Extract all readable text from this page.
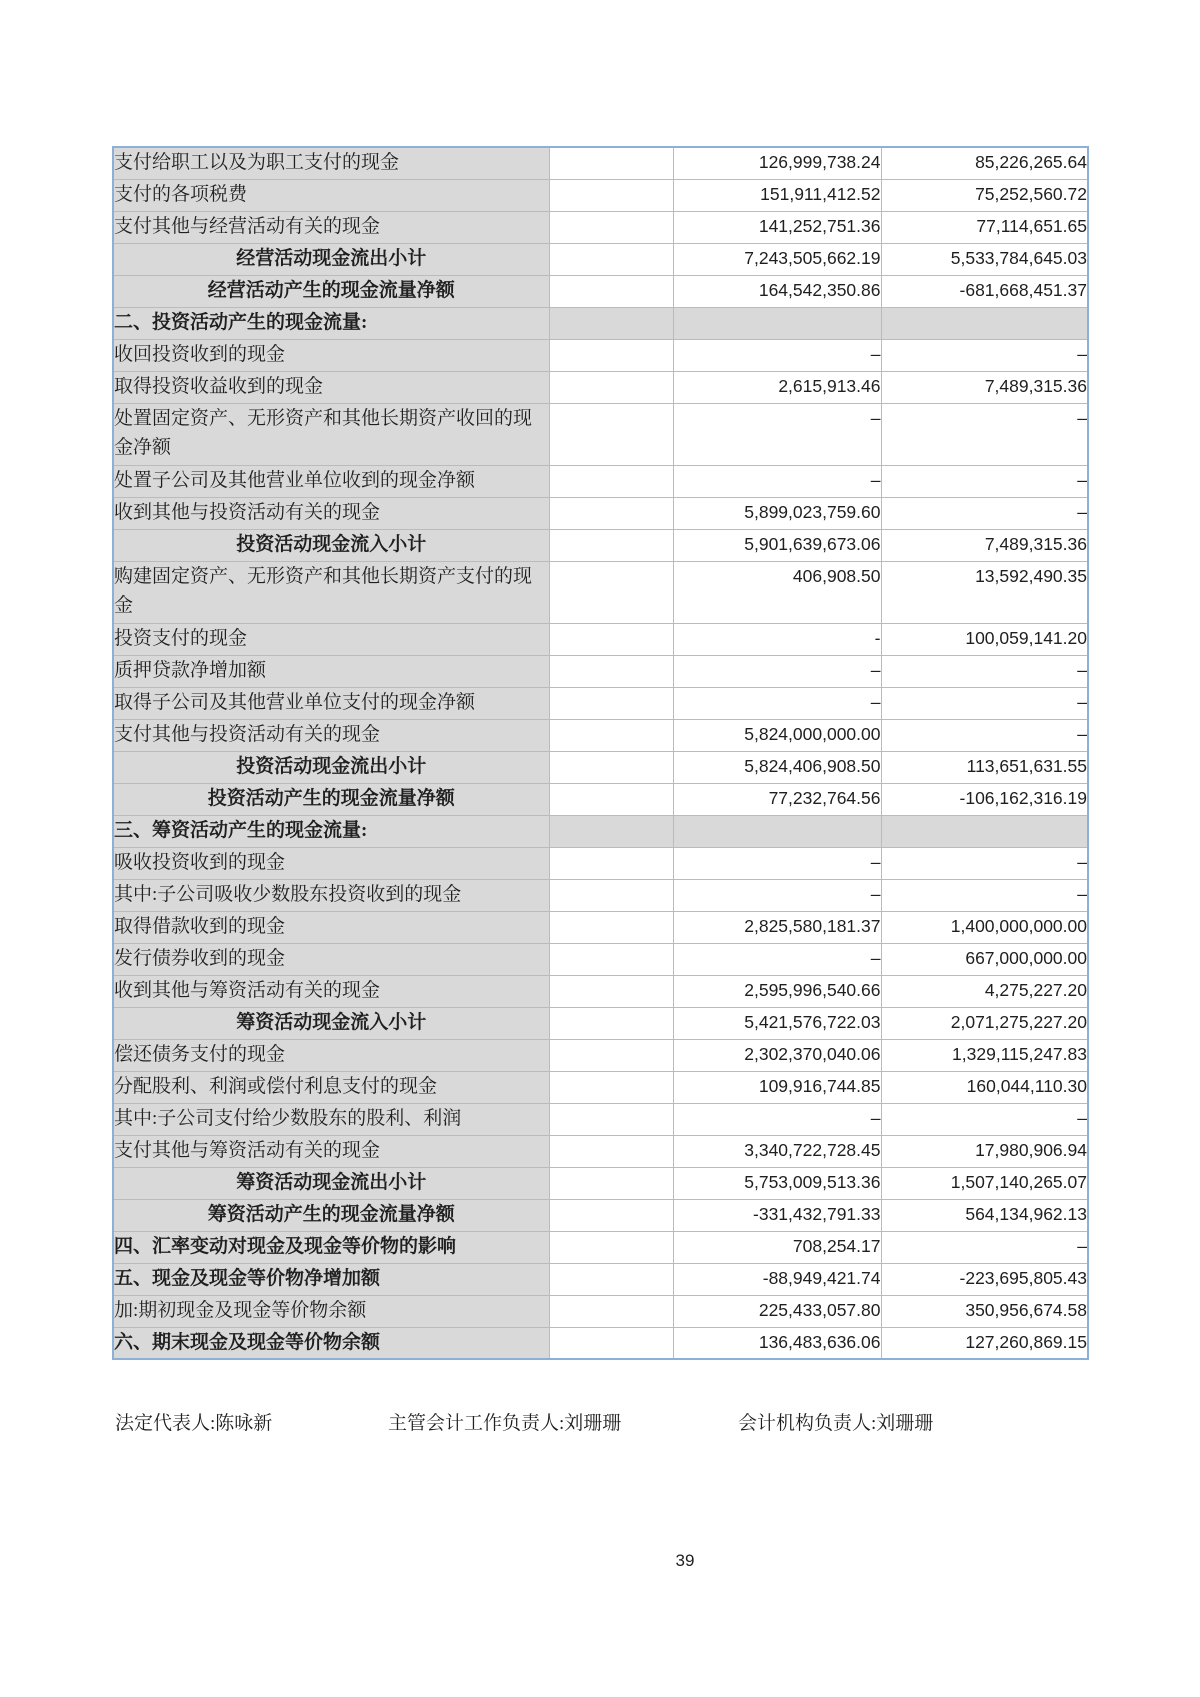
支付给职工以及为职工支付的现金		126,999,738.24	85,226,265.64
支付的各项税费		151,911,412.52	75,252,560.72
支付其他与经营活动有关的现金		141,252,751.36	77,114,651.65
经营活动现金流出小计		7,243,505,662.19	5,533,784,645.03
经营活动产生的现金流量净额		164,542,350.86	-681,668,451.37
二、投资活动产生的现金流量:			
收回投资收到的现金		–	–
取得投资收益收到的现金		2,615,913.46	7,489,315.36
处置固定资产、无形资产和其他长期资产收回的现金净额		–	–
处置子公司及其他营业单位收到的现金净额		–	–
收到其他与投资活动有关的现金		5,899,023,759.60	–
投资活动现金流入小计		5,901,639,673.06	7,489,315.36
购建固定资产、无形资产和其他长期资产支付的现金		406,908.50	13,592,490.35
投资支付的现金		-	100,059,141.20
质押贷款净增加额		–	–
取得子公司及其他营业单位支付的现金净额		–	–
支付其他与投资活动有关的现金		5,824,000,000.00	–
投资活动现金流出小计		5,824,406,908.50	113,651,631.55
投资活动产生的现金流量净额		77,232,764.56	-106,162,316.19
三、筹资活动产生的现金流量:			
吸收投资收到的现金		–	–
其中:子公司吸收少数股东投资收到的现金		–	–
取得借款收到的现金		2,825,580,181.37	1,400,000,000.00
发行债券收到的现金		–	667,000,000.00
收到其他与筹资活动有关的现金		2,595,996,540.66	4,275,227.20
筹资活动现金流入小计		5,421,576,722.03	2,071,275,227.20
偿还债务支付的现金		2,302,370,040.06	1,329,115,247.83
分配股利、利润或偿付利息支付的现金		109,916,744.85	160,044,110.30
其中:子公司支付给少数股东的股利、利润		–	–
支付其他与筹资活动有关的现金		3,340,722,728.45	17,980,906.94
筹资活动现金流出小计		5,753,009,513.36	1,507,140,265.07
筹资活动产生的现金流量净额		-331,432,791.33	564,134,962.13
四、汇率变动对现金及现金等价物的影响		708,254.17	–
五、现金及现金等价物净增加额		-88,949,421.74	-223,695,805.43
加:期初现金及现金等价物余额		225,433,057.80	350,956,674.58
六、期末现金及现金等价物余额		136,483,636.06	127,260,869.15
法定代表人:陈咏新	主管会计工作负责人:刘珊珊	会计机构负责人:刘珊珊
39
